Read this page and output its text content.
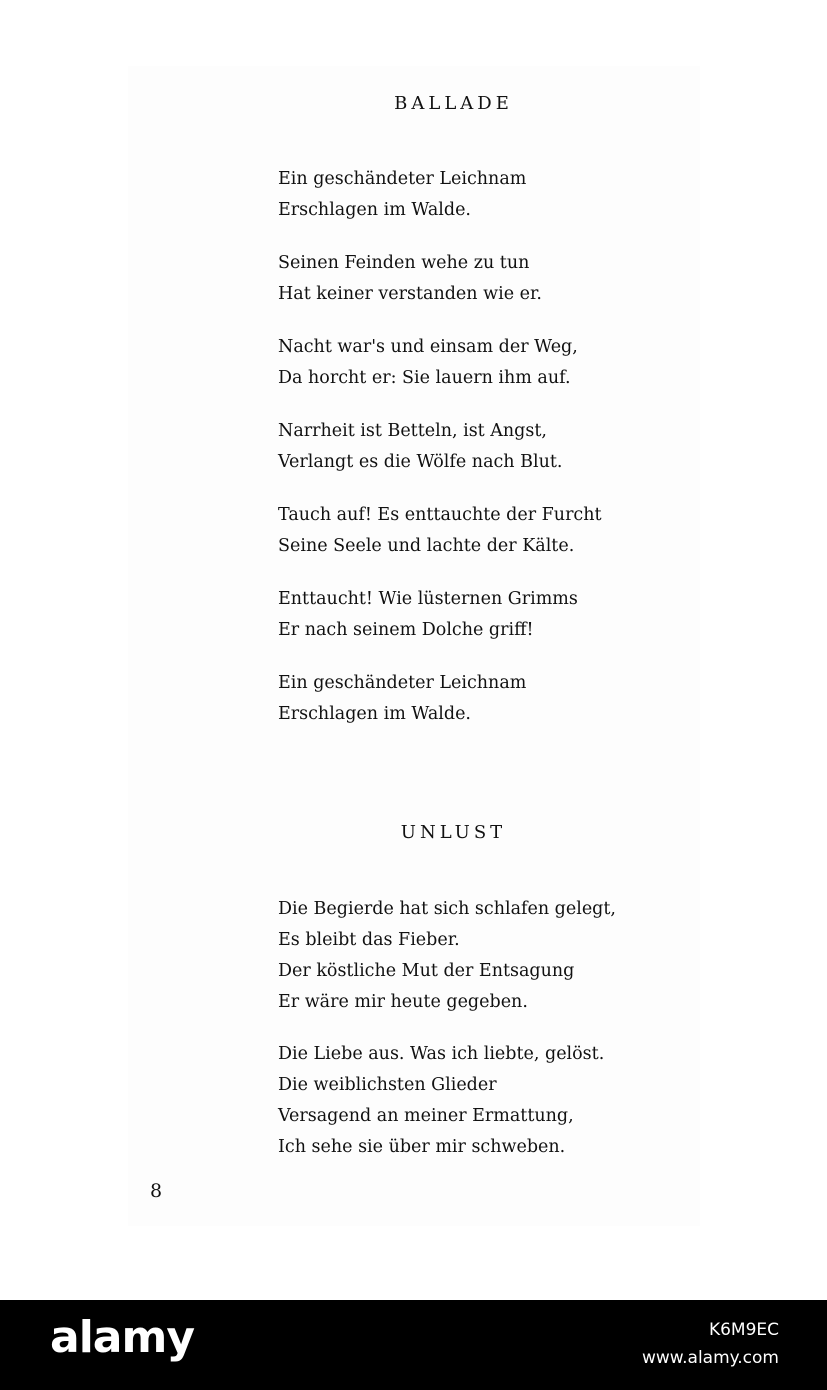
BALLADE
Ein geschändeter Leichnam
Erschlagen im Walde.
Seinen Feinden wehe zu tun
Hat keiner verstanden wie er.
Nacht war's und einsam der Weg,
Da horcht er: Sie lauern ihm auf.
Narrheit ist Betteln, ist Angst,
Verlangt es die Wölfe nach Blut.
Tauch auf! Es enttauchte der Furcht
Seine Seele und lachte der Kälte.
Enttaucht! Wie lüsternen Grimms
Er nach seinem Dolche griff!
Ein geschändeter Leichnam
Erschlagen im Walde.
UNLUST
Die Begierde hat sich schlafen gelegt,
Es bleibt das Fieber.
Der köstliche Mut der Entsagung
Er wäre mir heute gegeben.
Die Liebe aus. Was ich liebte, gelöst.
Die weiblichsten Glieder
Versagend an meiner Ermattung,
Ich sehe sie über mir schweben.
8
alamy	K6M9EC
www.alamy.com
